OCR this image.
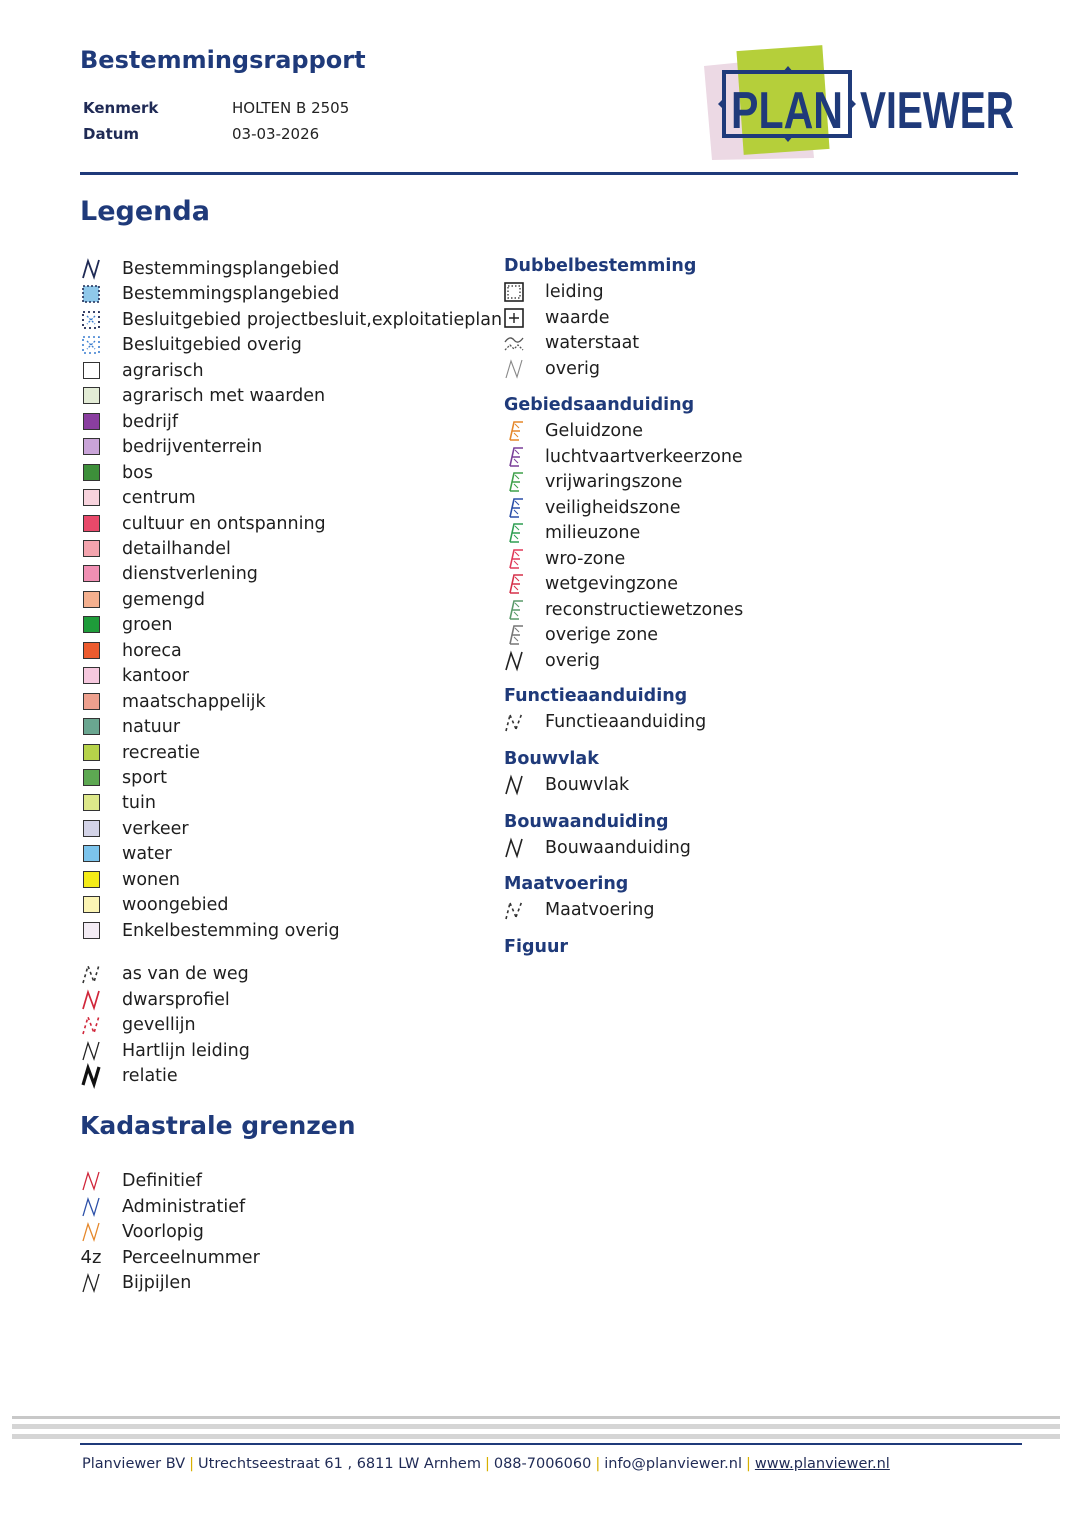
Bestemmingsrapport
Kenmerk	HOLTEN B 2505
Datum	03-03-2026	PLAN VIEWER
Legenda
Bestemmingsplangebied
Bestemmingsplangebied
Besluitgebied projectbesluit,exploitatieplan
Besluitgebied overig
agrarisch
agrarisch met waarden
bedrijf
bedrijventerrein
bos
centrum
cultuur en ontspanning
detailhandel
dienstverlening
gemengd
groen
horeca
kantoor
maatschappelijk
natuur
recreatie
sport
tuin
verkeer
water
wonen
woongebied
Enkelbestemming overig
as van de weg
dwarsprofiel
gevellijn
Hartlijn leiding
relatie
Dubbelbestemming
leiding
waarde
waterstaat
overig
Gebiedsaanduiding
Geluidzone
luchtvaartverkeerzone
vrijwaringszone
veiligheidszone
milieuzone
wro-zone
wetgevingzone
reconstructiewetzones
overige zone
overig
Functieaanduiding
Functieaanduiding
Bouwvlak
Bouwvlak
Bouwaanduiding
Bouwaanduiding
Maatvoering
Maatvoering
Figuur
Kadastrale grenzen
Definitief
Administratief
Voorlopig
4z Perceelnummer
Bijpijlen
Planviewer BV | Utrechtseestraat 61 , 6811 LW Arnhem | 088-7006060 | info@planviewer.nl | www.planviewer.nl
